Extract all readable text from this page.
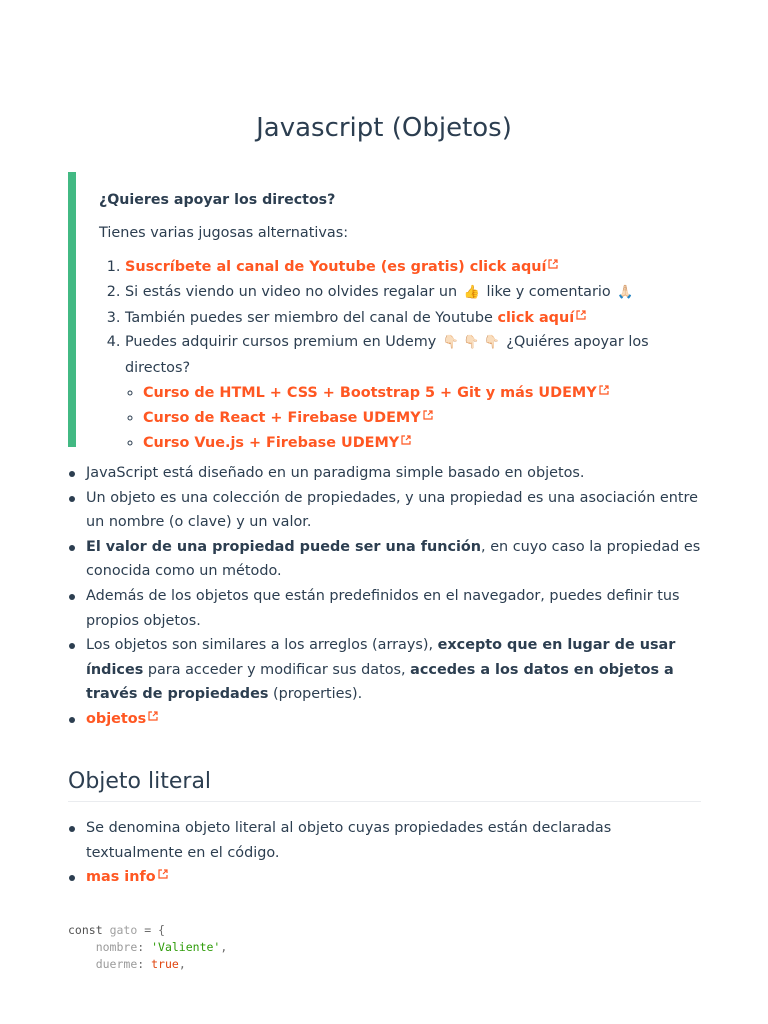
Javascript (Objetos)

¿Quieres apoyar los directos?

Tienes varias jugosas alternativas:

1. Suscríbete al canal de Youtube (es gratis) click aquí
2. Si estás viendo un video no olvides regalar un 👍 like y comentario 🙏🏻
3. También puedes ser miembro del canal de Youtube click aquí
4. Puedes adquirir cursos premium en Udemy 👇🏻 👇🏻 👇🏻 ¿Quiéres apoyar los directos?
◦ Curso de HTML + CSS + Bootstrap 5 + Git y más UDEMY
◦ Curso de React + Firebase UDEMY
◦ Curso Vue.js + Firebase UDEMY
JavaScript está diseñado en un paradigma simple basado en objetos.
Un objeto es una colección de propiedades, y una propiedad es una asociación entre un nombre (o clave) y un valor.
El valor de una propiedad puede ser una función, en cuyo caso la propiedad es conocida como un método.
Además de los objetos que están predefinidos en el navegador, puedes definir tus propios objetos.
Los objetos son similares a los arreglos (arrays), excepto que en lugar de usar índices para acceder y modificar sus datos, accedes a los datos en objetos a través de propiedades (properties).
objetos
Objeto literal
Se denomina objeto literal al objeto cuyas propiedades están declaradas textualmente en el código.
mas info
const gato = {
nombre: 'Valiente',
duerme: true,
